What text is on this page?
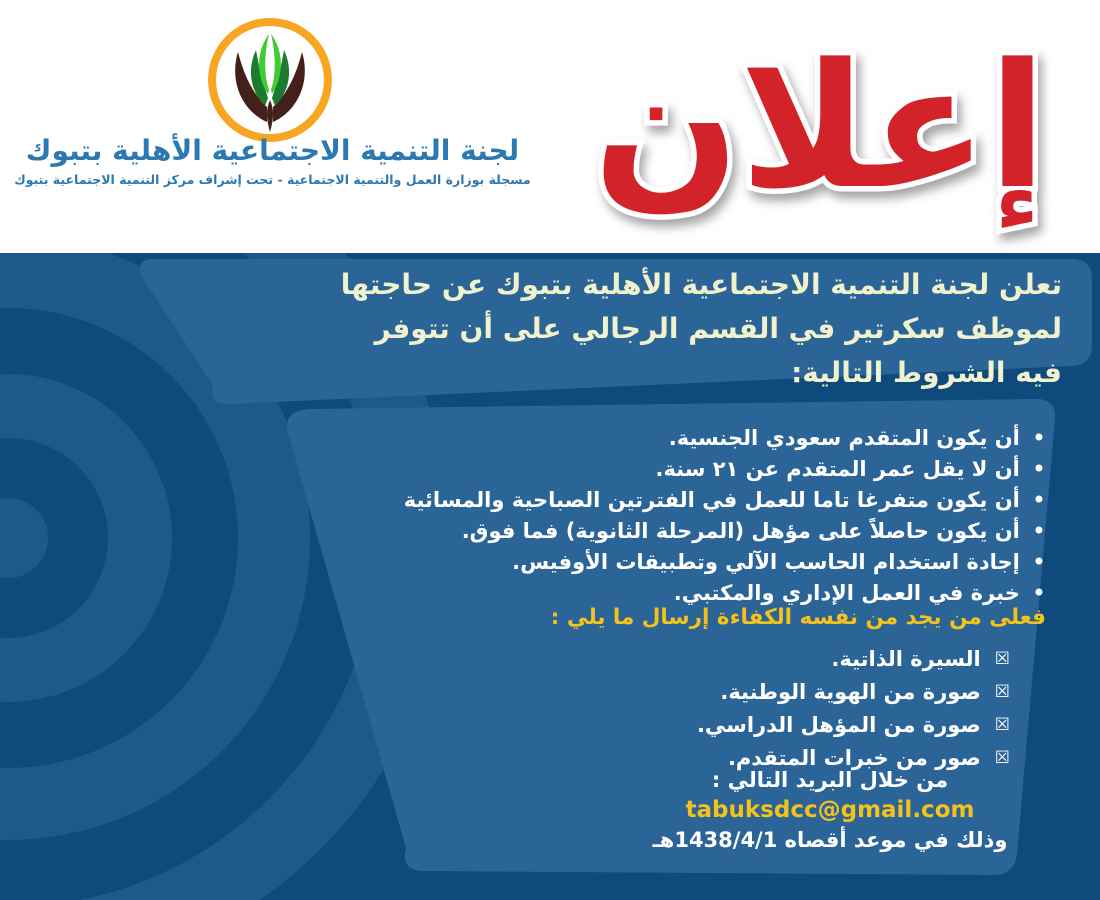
لجنة التنمية الاجتماعية الأهلية بتبوك
مسجلة بوزارة العمل والتنمية الاجتماعية - تحت إشراف مركز التنمية الاجتماعية بتبوك إعلان
تعلن لجنة التنمية الاجتماعية الأهلية بتبوك عن حاجتها
لموظف سكرتير في القسم الرجالي على أن تتوفر
فيه الشروط التالية:
•
أن يكون المتقدم سعودي الجنسية.
•
أن لا يقل عمر المتقدم عن ٢١ سنة.
•
أن يكون متفرغا تاما للعمل في الفترتين الصباحية والمسائية
•
أن يكون حاصلاً على مؤهل (المرحلة الثانوية) فما فوق.
•
إجادة استخدام الحاسب الآلي وتطبيقات الأوفيس.
•
خبرة في العمل الإداري والمكتبي.
فعلى من يجد من نفسه الكفاءة إرسال ما يلي :
☒
السيرة الذاتية.
☒
صورة من الهوية الوطنية.
☒
صورة من المؤهل الدراسي.
☒
صور من خبرات المتقدم.
من خلال البريد التالي :
tabuksdcc@gmail.com
وذلك في موعد أقصاه 1438/4/1هـ
